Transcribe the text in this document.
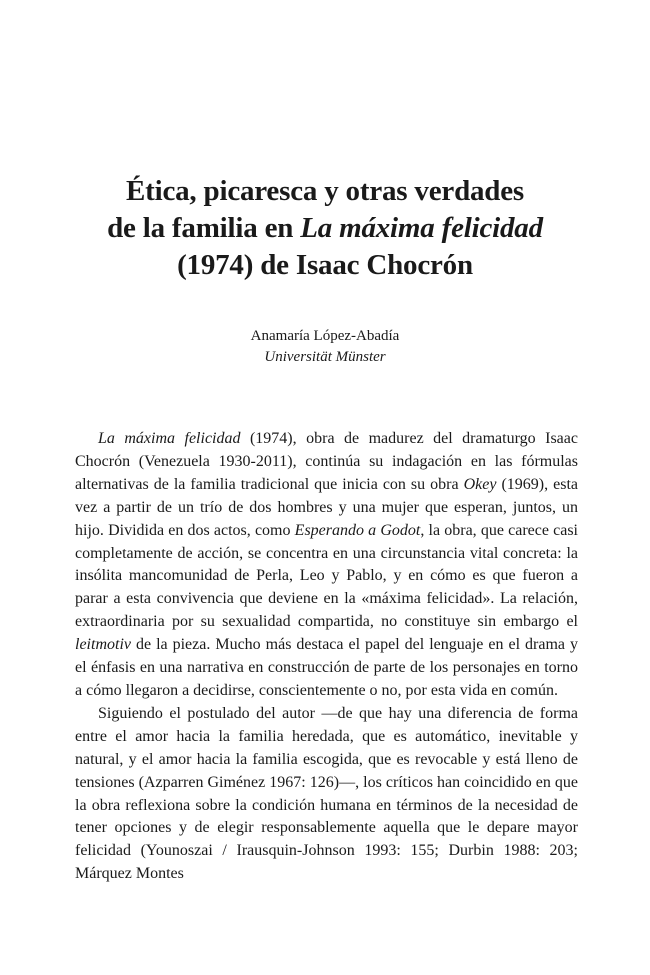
Ética, picaresca y otras verdades
de la familia en La máxima felicidad
(1974) de Isaac Chocrón
Anamaría López-Abadía
Universität Münster

La máxima felicidad (1974), obra de madurez del dramaturgo Isaac Chocrón (Venezuela 1930-2011), continúa su indagación en las fórmulas alternativas de la familia tradicional que inicia con su obra Okey (1969), esta vez a partir de un trío de dos hombres y una mujer que esperan, juntos, un hijo. Dividida en dos actos, como Esperando a Godot, la obra, que carece casi completamente de acción, se concentra en una circunstancia vital concreta: la insólita mancomunidad de Perla, Leo y Pablo, y en cómo es que fueron a parar a esta convivencia que deviene en la «máxima felicidad». La relación, extraordinaria por su sexualidad compartida, no constituye sin embargo el leitmotiv de la pieza. Mucho más destaca el papel del lenguaje en el drama y el énfasis en una narrativa en construcción de parte de los personajes en torno a cómo llegaron a decidirse, conscientemente o no, por esta vida en común.

Siguiendo el postulado del autor —de que hay una diferencia de forma entre el amor hacia la familia heredada, que es automático, inevitable y natural, y el amor hacia la familia escogida, que es revocable y está lleno de tensiones (Azparren Giménez 1967: 126)—, los críticos han coincidido en que la obra reflexiona sobre la condición humana en términos de la necesidad de tener opciones y de elegir responsablemente aquella que le depare mayor felicidad (Younoszai / Irausquin-Johnson 1993: 155; Durbin 1988: 203; Márquez Montes
